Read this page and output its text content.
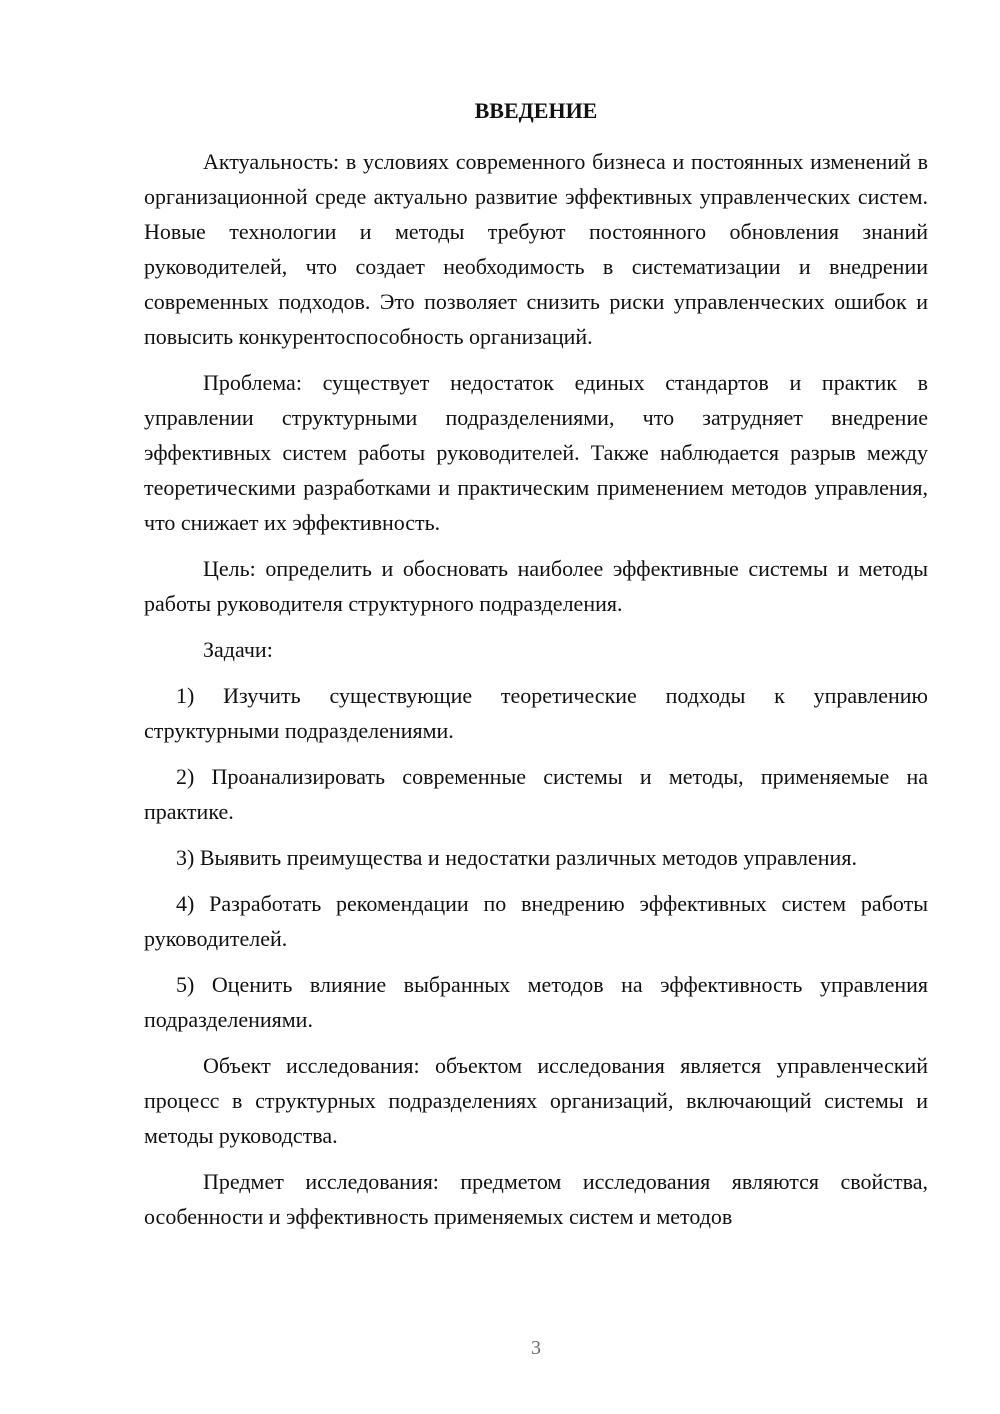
ВВЕДЕНИЕ

Актуальность: в условиях современного бизнеса и постоянных изменений в организационной среде актуально развитие эффективных управленческих систем. Новые технологии и методы требуют постоянного обновления знаний руководителей, что создает необходимость в систематизации и внедрении современных подходов. Это позволяет снизить риски управленческих ошибок и повысить конкурентоспособность организаций.

Проблема: существует недостаток единых стандартов и практик в управлении структурными подразделениями, что затрудняет внедрение эффективных систем работы руководителей. Также наблюдается разрыв между теоретическими разработками и практическим применением методов управления, что снижает их эффективность.

Цель: определить и обосновать наиболее эффективные системы и методы работы руководителя структурного подразделения.

Задачи:

1) Изучить существующие теоретические подходы к управлению структурными подразделениями.

2) Проанализировать современные системы и методы, применяемые на практике.

3) Выявить преимущества и недостатки различных методов управления.

4) Разработать рекомендации по внедрению эффективных систем работы руководителей.

5) Оценить влияние выбранных методов на эффективность управления подразделениями.

Объект исследования: объектом исследования является управленческий процесс в структурных подразделениях организаций, включающий системы и методы руководства.

Предмет исследования: предметом исследования являются свойства, особенности и эффективность применяемых систем и методов

3
